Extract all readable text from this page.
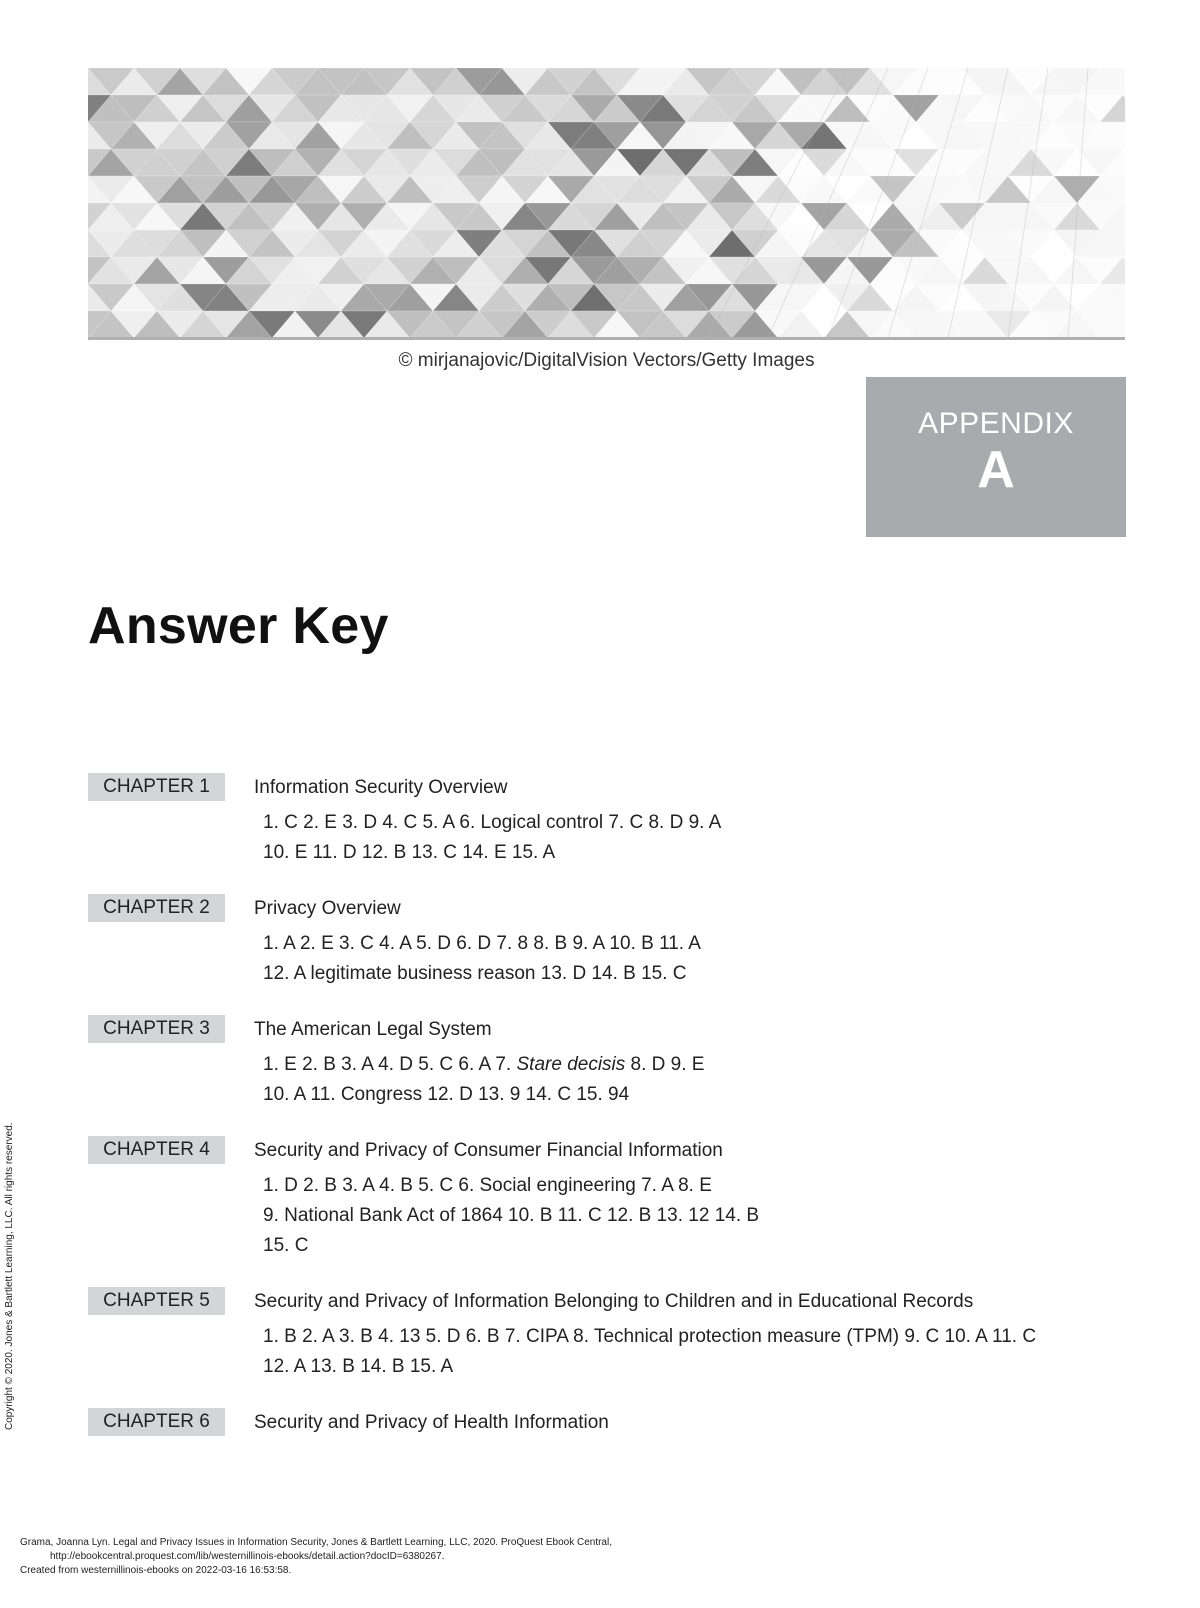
© mirjanajovic/DigitalVision Vectors/Getty Images
APPENDIX
A
Answer Key
CHAPTER 1	Information Security Overview
1. C 2. E 3. D 4. C 5. A 6. Logical control 7. C 8. D 9. A
10. E 11. D 12. B 13. C 14. E 15. A
CHAPTER 2	Privacy Overview
1. A 2. E 3. C 4. A 5. D 6. D 7. 8 8. B 9. A 10. B 11. A
12. A legitimate business reason 13. D 14. B 15. C
CHAPTER 3	The American Legal System
1. E 2. B 3. A 4. D 5. C 6. A 7. Stare decisis 8. D 9. E
10. A 11. Congress 12. D 13. 9 14. C 15. 94
CHAPTER 4	Security and Privacy of Consumer Financial Information
1. D 2. B 3. A 4. B 5. C 6. Social engineering 7. A 8. E
9. National Bank Act of 1864 10. B 11. C 12. B 13. 12 14. B
15. C
CHAPTER 5	Security and Privacy of Information Belonging to Children and in Educational Records
1. B 2. A 3. B 4. 13 5. D 6. B 7. CIPA 8. Technical protection measure (TPM) 9. C 10. A 11. C
12. A 13. B 14. B 15. A
CHAPTER 6	Security and Privacy of Health Information
Copyright © 2020. Jones & Bartlett Learning, LLC. All rights reserved.
Grama, Joanna Lyn. Legal and Privacy Issues in Information Security, Jones & Bartlett Learning, LLC, 2020. ProQuest Ebook Central,
http://ebookcentral.proquest.com/lib/westernillinois-ebooks/detail.action?docID=6380267.
Created from westernillinois-ebooks on 2022-03-16 16:53:58.
